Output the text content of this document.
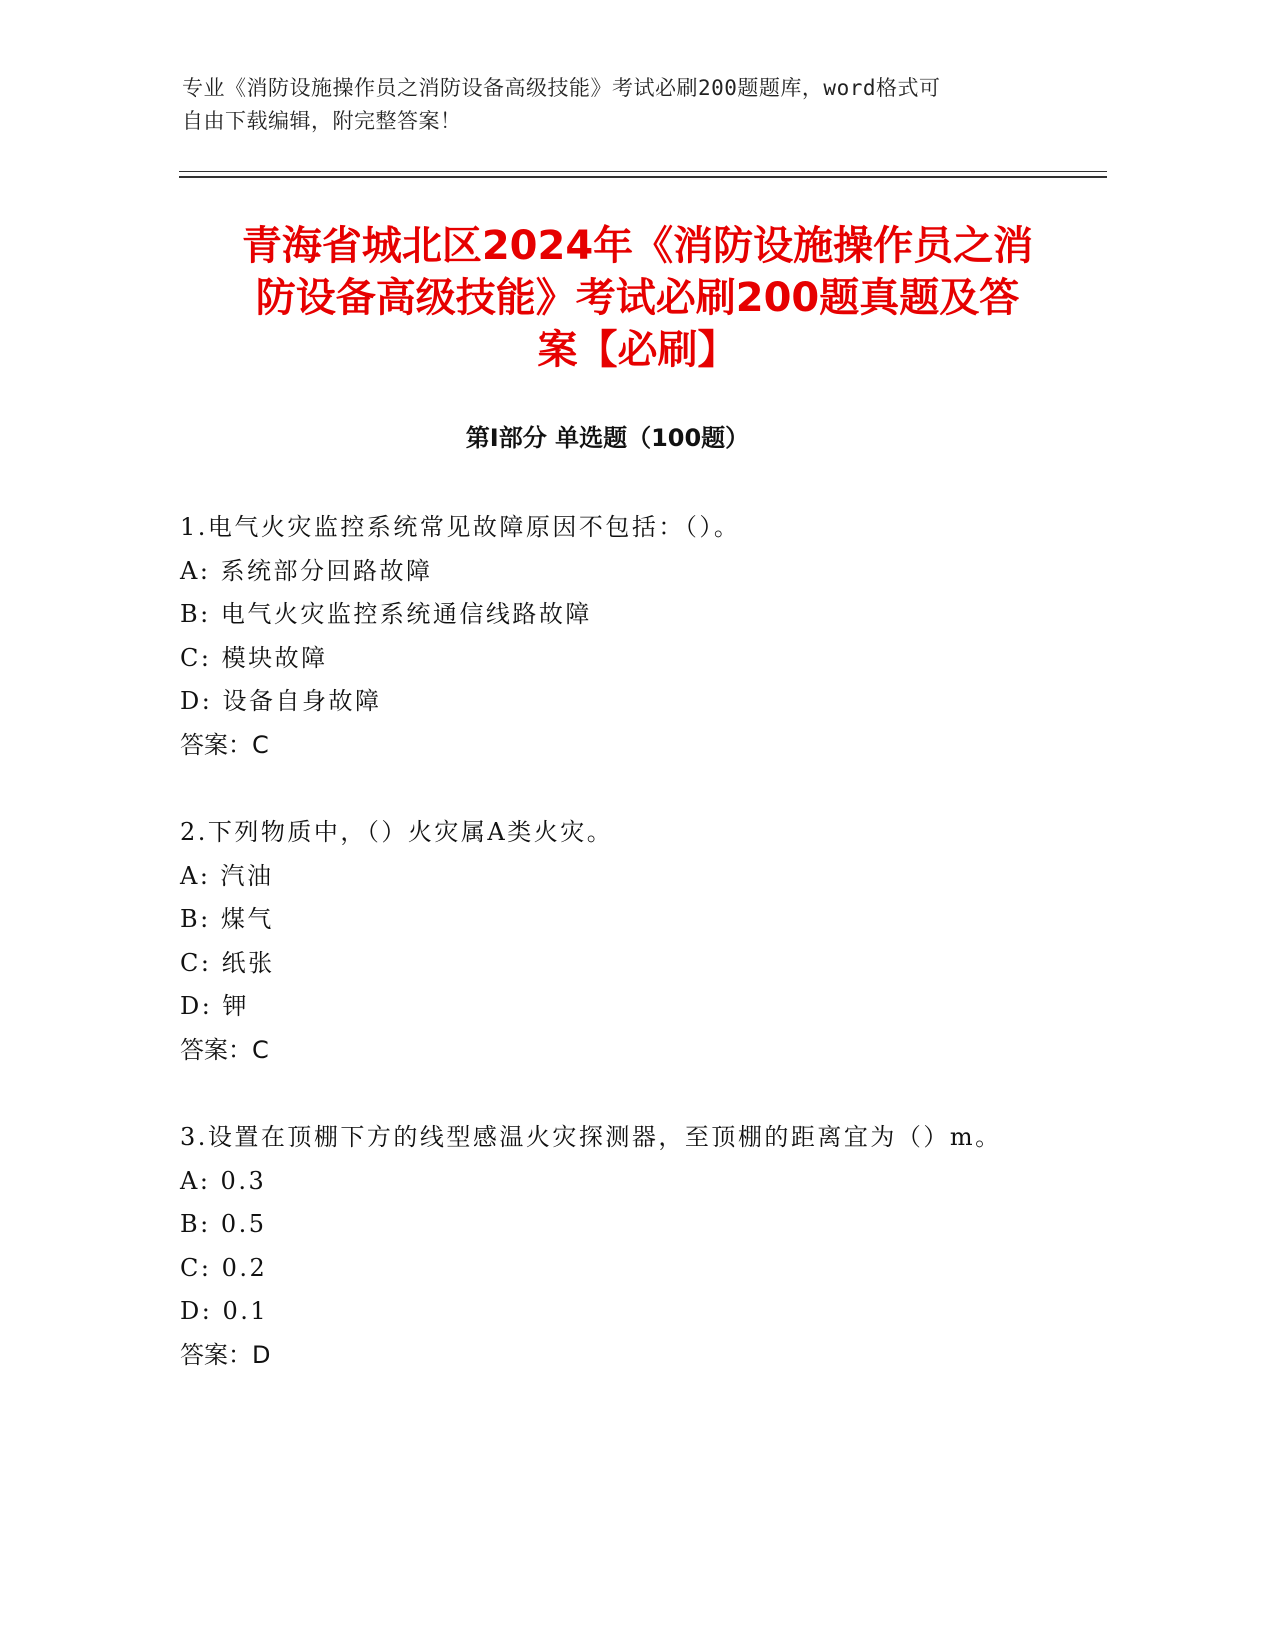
专业《消防设施操作员之消防设备高级技能》考试必刷200题题库，word格式可
自由下载编辑，附完整答案！
青海省城北区2024年《消防设施操作员之消
防设备高级技能》考试必刷200题真题及答
案【必刷】
第Ⅰ部分 单选题（100题）
1.电气火灾监控系统常见故障原因不包括：（）。
A: 系统部分回路故障
B: 电气火灾监控系统通信线路故障
C: 模块故障
D: 设备自身故障
答案：C
2.下列物质中，（）火灾属A类火灾。
A: 汽油
B: 煤气
C: 纸张
D: 钾
答案：C
3.设置在顶棚下方的线型感温火灾探测器，至顶棚的距离宜为（）m。
A: 0.3
B: 0.5
C: 0.2
D: 0.1
答案：D
